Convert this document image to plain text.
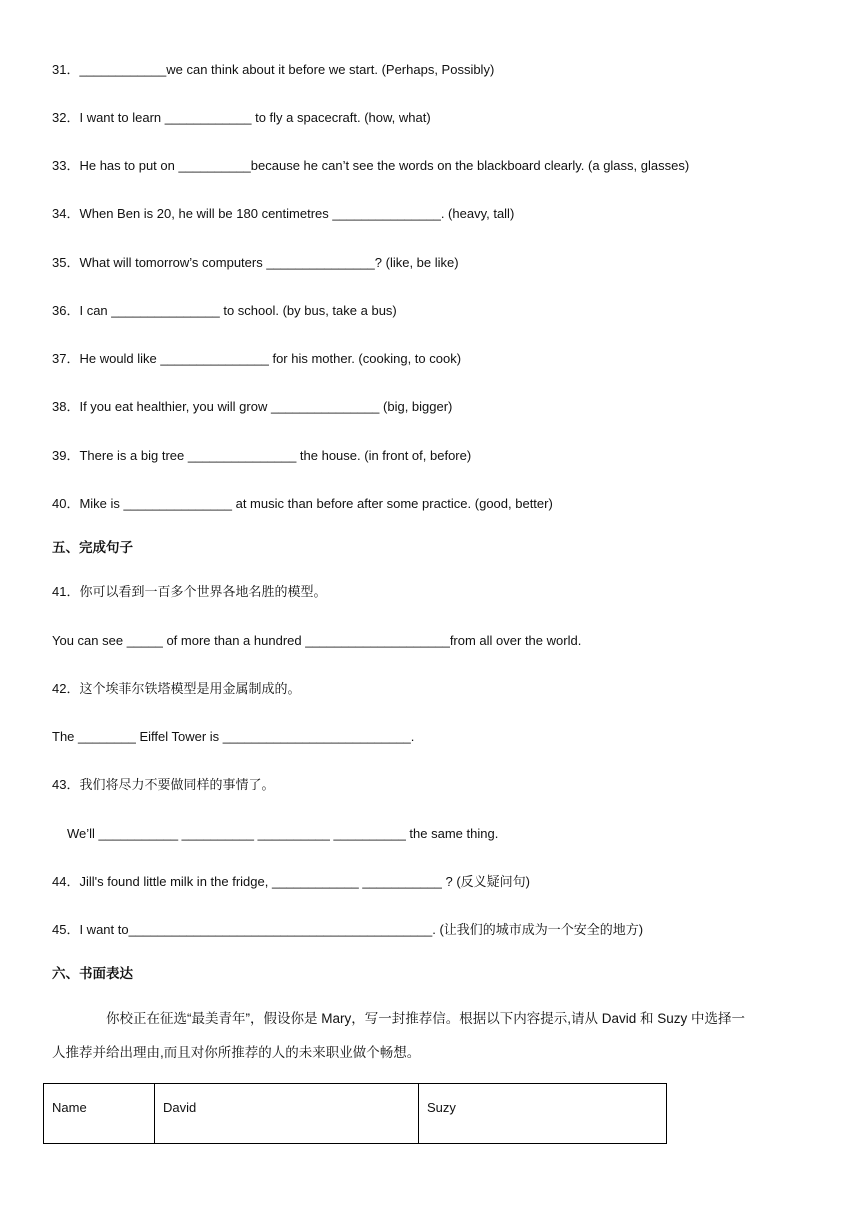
31．____________we can think about it before we start. (Perhaps, Possibly)
32．I want to learn ____________ to fly a spacecraft. (how, what)
33．He has to put on __________because he can’t see the words on the blackboard clearly. (a glass, glasses)
34．When Ben is 20, he will be 180 centimetres _______________. (heavy, tall)
35．What will tomorrow’s computers _______________? (like, be like)
36．I can _______________ to school. (by bus, take a bus)
37．He would like _______________ for his mother. (cooking, to cook)
38．If you eat healthier, you will grow _______________ (big, bigger)
39．There is a big tree _______________ the house. (in front of, before)
40．Mike is _______________ at music than before after some practice. (good, better)
五、完成句子
41．你可以看到一百多个世界各地名胜的模型。
You can see _____ of more than a hundred ____________________from all over the world.
42．这个埃菲尔铁塔模型是用金属制成的。
The ________ Eiffel Tower is __________________________.
43．我们将尽力不要做同样的事情了。
We’ll ___________ __________ __________ __________ the same thing.
44．Jill's found little milk in the fridge, ____________ ___________ ? (反义疑问句)
45．I want to__________________________________________. (让我们的城市成为一个安全的地方)
六、书面表达
你校正在征选“最美青年”，假设你是 Mary，写一封推荐信。根据以下内容提示,请从 David 和 Suzy 中选择一
人推荐并给出理由,而且对你所推荐的人的未来职业做个畅想。
Name	David	Suzy
